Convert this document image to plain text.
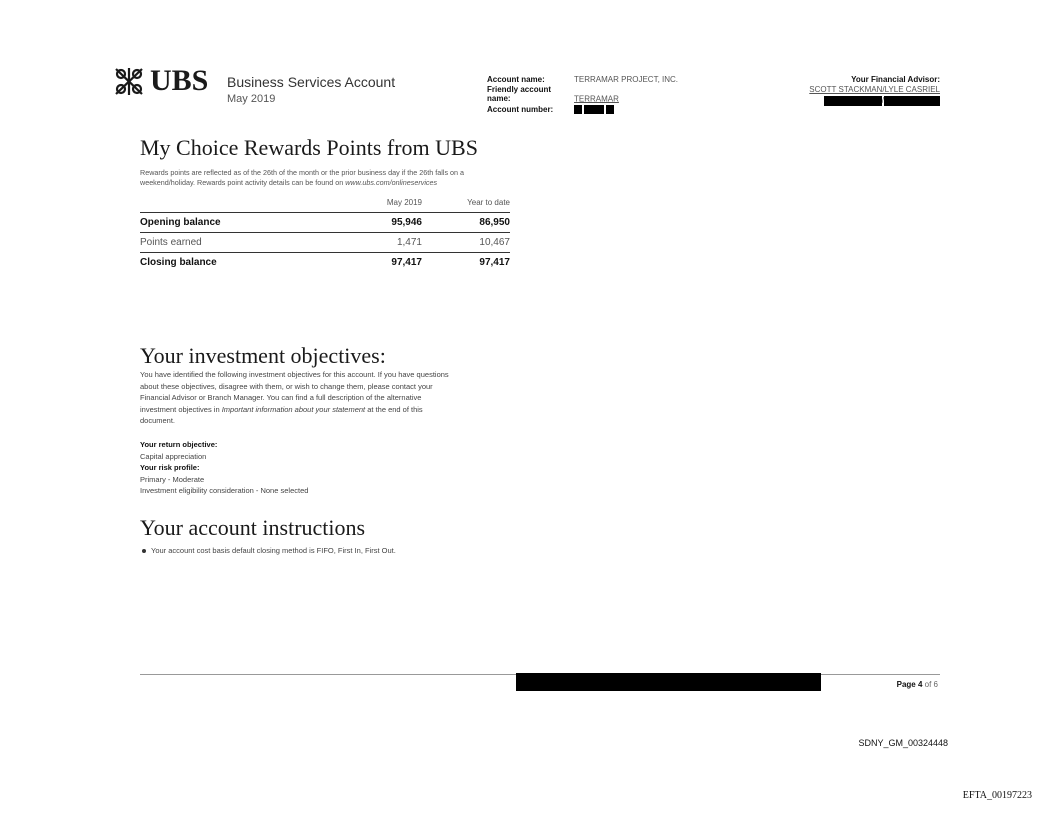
UBS Business Services Account
May 2019
Account name:	TERRAMAR PROJECT, INC.
Friendly account name:	TERRAMAR
Account number:
Your Financial Advisor:
SCOTT STACKMAN/LYLE CASRIEL
/
My Choice Rewards Points from UBS
Rewards points are reflected as of the 26th of the month or the prior business day if the 26th falls on a
weekend/holiday. Rewards point activity details can be found on www.ubs.com/onlineservices
	May 2019	Year to date
Opening balance	95,946	86,950
Points earned	1,471	10,467
Closing balance	97,417	97,417
Your investment objectives:
You have identified the following investment objectives for this account. If you have questions
about these objectives, disagree with them, or wish to change them, please contact your
Financial Advisor or Branch Manager. You can find a full description of the alternative
investment objectives in Important information about your statement at the end of this
document.
Your return objective:
Capital appreciation
Your risk profile:
Primary - Moderate
Investment eligibility consideration - None selected
Your account instructions
Your account cost basis default closing method is FIFO, First In, First Out.
Page 4 of 6
SDNY_GM_00324448
EFTA_00197223
